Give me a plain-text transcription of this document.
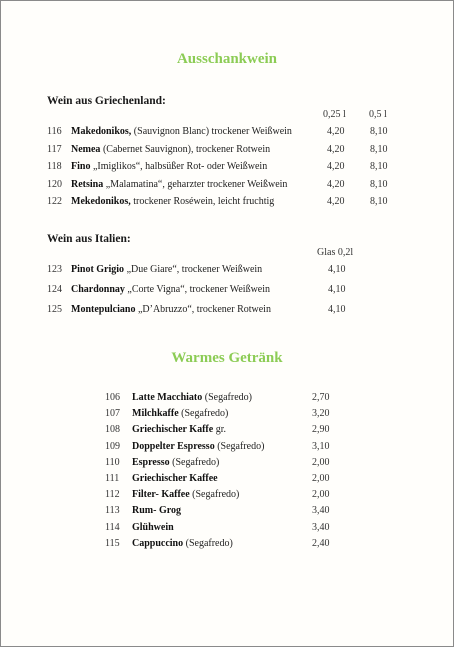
Ausschankwein
Wein aus Griechenland:
0,25 l 0,5 l
116 Makedonikos, (Sauvignon Blanc) trockener Weißwein	4,20	8,10
117 Nemea (Cabernet Sauvignon), trockener Rotwein	4,20	8,10
118 Fino „Imiglikos“, halbsüßer Rot- oder Weißwein	4,20	8,10
120 Retsina „Malamatina“, geharzter trockener Weißwein	4,20	8,10
122 Mekedonikos, trockener Roséwein, leicht fruchtig	4,20	8,10
Wein aus Italien:
Glas 0,2l
123 Pinot Grigio „Due Giare“, trockener Weißwein	4,10
124 Chardonnay „Corte Vigna“, trockener Weißwein	4,10
125 Montepulciano „D’Abruzzo“, trockener Rotwein	4,10
Warmes Getränk
106 Latte Macchiato (Segafredo)	2,70
107 Milchkaffe (Segafredo)	3,20
108 Griechischer Kaffe gr.	2,90
109 Doppelter Espresso (Segafredo)	3,10
110 Espresso (Segafredo)	2,00
111 Griechischer Kaffee	2,00
112 Filter- Kaffee (Segafredo)	2,00
113 Rum- Grog	3,40
114 Glühwein	3,40
115 Cappuccino (Segafredo)	2,40
